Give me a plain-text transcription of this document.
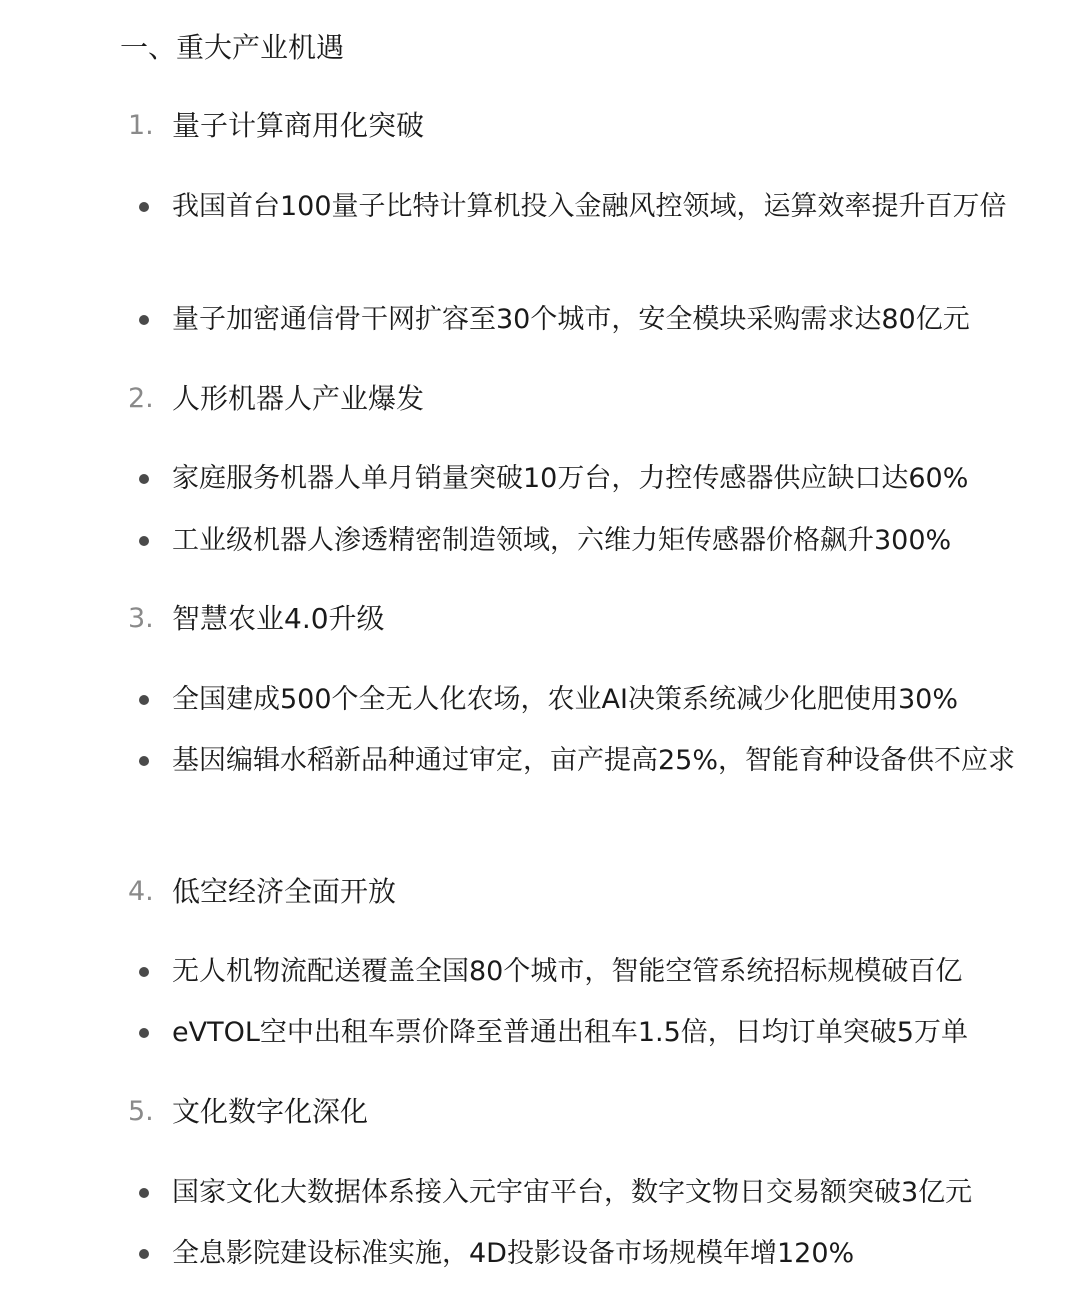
一、重大产业机遇
1. 量子计算商用化突破
我国首台100量子比特计算机投入金融风控领域，运算效率提升百万倍
量子加密通信骨干网扩容至30个城市，安全模块采购需求达80亿元
2. 人形机器人产业爆发
家庭服务机器人单月销量突破10万台，力控传感器供应缺口达60%
工业级机器人渗透精密制造领域，六维力矩传感器价格飙升300%
3. 智慧农业4.0升级
全国建成500个全无人化农场，农业AI决策系统减少化肥使用30%
基因编辑水稻新品种通过审定，亩产提高25%，智能育种设备供不应求
4. 低空经济全面开放
无人机物流配送覆盖全国80个城市，智能空管系统招标规模破百亿
eVTOL空中出租车票价降至普通出租车1.5倍，日均订单突破5万单
5. 文化数字化深化
国家文化大数据体系接入元宇宙平台，数字文物日交易额突破3亿元
全息影院建设标准实施，4D投影设备市场规模年增120%
